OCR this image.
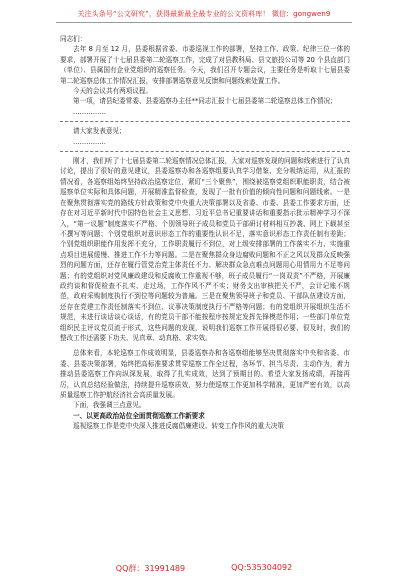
关注头条号“公文研究”，获得最新最全最专业的公文资料库！ 微信：gongwen9

同志们：

去年 8 月至 12 月，县委根据省委、市委巡视工作的部署，坚持工作、政策、纪律三位一体的要求，部署开展了十七届县委第二轮巡察工作，完成了对县教科局、县文旅投公司等 20 个县直部门（单位）、县属国有企业党组织的巡察任务。今天，我们召开专题会议，主要任务是听取十七届县委第二轮巡察总体工作情况汇报，安排部署巡察意见反馈和问题线索处置工作。

今天的会议共有两项议程。

第一项，请县纪委常委、县委巡察办主任**同志汇报十七届县委第二轮巡察总体工作情况；

……………

请大家发表意见；

……………

刚才，我们听了十七届县委第二轮巡察情况总体汇报，大家对巡察发现的问题和线索进行了认真讨论，提出了很好的意见建议，县委巡察办和各巡察组要认真学习借鉴、充分吸纳运用，从汇报的情况看，各巡察组始终坚持政治巡察定位，紧盯“三个聚焦”，围绕被巡察党组织职能职责，结合被巡察单位实际和具体问题，开展精准监督检查，发现了一批有价值的倾向性问题和问题线索。一是在聚焦贯彻落实党的路线方针政策和党中央重大决策部署以及省委、市委、县委工作要求方面，还存在对习近平新时代中国特色社会主义思想、习近平总书记重要讲话和重要指示批示精神学习不深入，“第一议题”制度落实不严格、个别领导班子成员和党员干部研讨材料相互抄袭、网上下载甚至不撰写等问题；个别党组织对意识形态工作的重要性认识不足，落实意识形态工作责任制有差距；个别党组织职能作用发挥不充分，工作职责履行不到位，对上级安排部署的工作落实不力、实施重点项目进展缓慢、推进工作不力等问题。二是在聚焦群众身边腐败问题和不正之风以及群众反映强烈的问题方面，还存在履行管党治党主体责任不力、解决群众急点难点问题用心用情用力不足等问题；有的党组织对党风廉政建设和反腐败工作重视不够，班子成员履行“一岗双责”不严格，开展廉政约谈和督促检查不扎实、走过场，工作作风不严不实；财务支出审核把关不严，会计记账不规范，政府采购制度执行不到位等问题较为普遍。三是在聚焦领导班子和党员、干部队伍建设方面，还存在党建工作责任制落实不到位、议事决策制度执行不严格等问题；有的党组织开展组织生活不规范，未进行谈话谈心谈话，有的党员干部不能按程序按规定发挥先锋模范作用；一些部门单位党组织民主评议党员流于形式，这些问题的发现，说明我们巡察工作开展得很必要、很及时，我们的整改工作还需要下功夫、见真章、动真格、求实效。

总体来看，本轮巡察工作成效明显，县委巡察办和各巡察组能够坚决贯彻落实中央和省委、市委、县委决策部署，始终把高标准要求贯穿巡察工作全过程，各环节、担当尽责、主动作为，着力推动县委巡察工作向纵深发展，取得了扎实成效，达到了预期目的。希望大家发扬成绩，再接再厉，认真总结经验做法，持续提升巡察质效，努力使巡察工作更加科学精准，更加严密有效，以高质量巡察工作护航经济社会高质量发展。

下面，我强调三点意见。

一、以更高政治站位全面贯彻巡察工作新要求

巡视巡察工作是党中央深入推进反腐倡廉建设、转变工作作风的重大决策

QQ群：31991489	QQ:535304092
